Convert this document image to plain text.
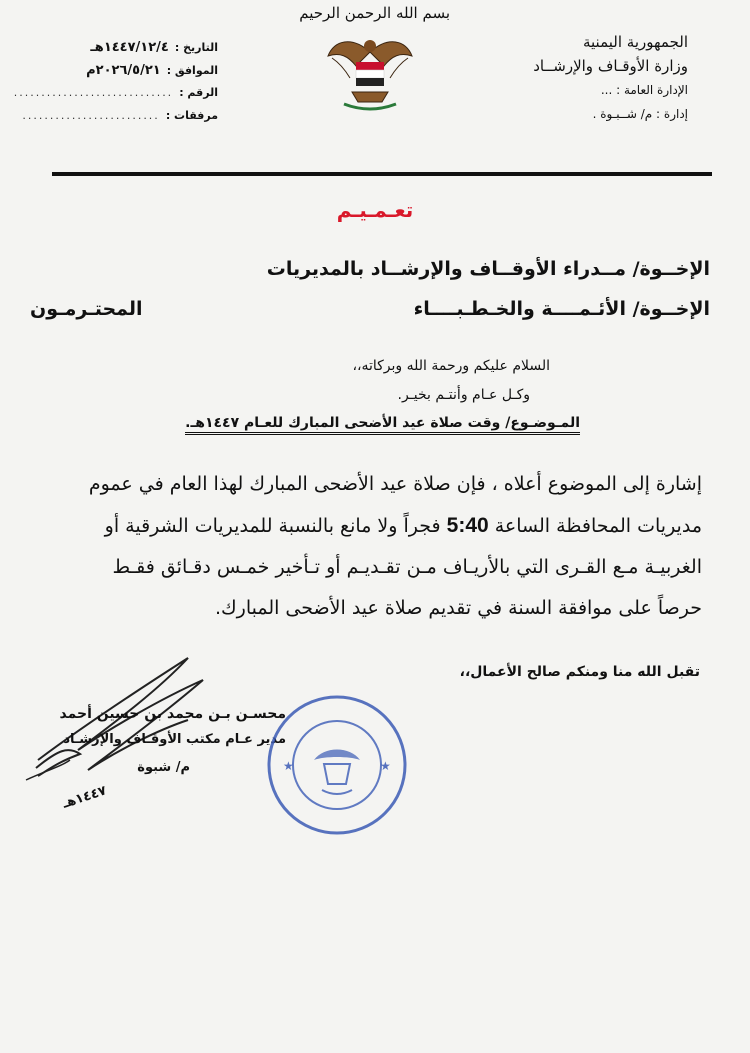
الجمهورية اليمنية
وزارة الأوقـاف والإرشــاد
الإدارة العامة : ...
إدارة : م/ شــبـوة .
بسم الله الرحمن الرحيم
التاريخ :
١٤٤٧/١٢/٤هـ
الموافق :
٢٠٢٦/٥/٢١م
الرقم :
.............................
مرفقات :
.........................
تعـمـيـم
الإخــوة/ مــدراء الأوقــاف والإرشــاد بالمديريات
الإخــوة/ الأئـمــــة والخـطـبــــاء
المحتـرمـون
السلام عليكم ورحمة الله وبركاته،،
وكـل عـام وأنتـم بخيـر.
المـوضـوع/ وقت صلاة عيد الأضحى المبارك للعـام ١٤٤٧هـ.
إشارة إلى الموضوع أعلاه ، فإن صلاة عيد الأضحى المبارك لهذا العام في عموم
مديريات المحافظة الساعة 5:40 فجراً ولا مانع بالنسبة للمديريات الشرقية أو
الغربيـة مـع القـرى التي بالأريـاف مـن تقـديـم أو تـأخير خمـس دقـائق فقـط
حرصاً على موافقة السنة في تقديم صلاة عيد الأضحى المبارك.
تقبل الله منا ومنكم صالح الأعمال،،
محسـن بـن محمد بن حسين أحمد
مدير عـام مكتب الأوقـاف والإرشـاد
م/ شبوة
١٤٤٧هـ
★	★
